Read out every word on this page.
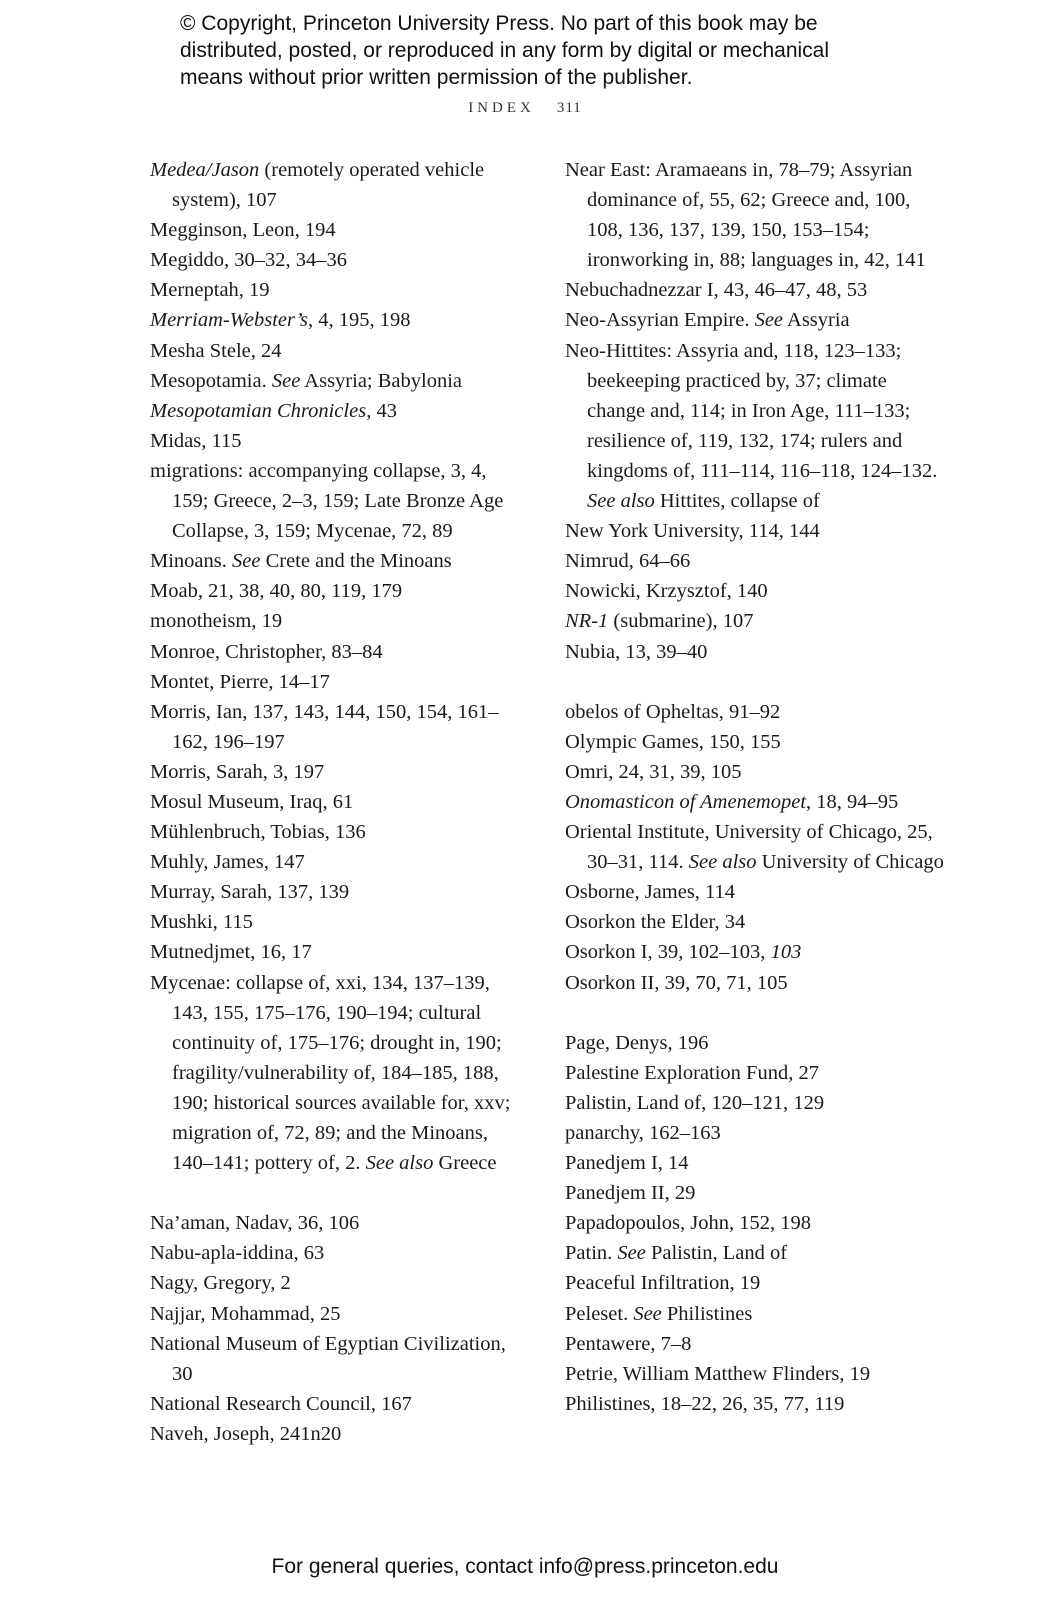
© Copyright, Princeton University Press. No part of this book may be
distributed, posted, or reproduced in any form by digital or mechanical
means without prior written permission of the publisher.
INDEX 311
Medea/Jason (remotely operated vehicle system), 107
Megginson, Leon, 194
Megiddo, 30–32, 34–36
Merneptah, 19
Merriam-Webster’s, 4, 195, 198
Mesha Stele, 24
Mesopotamia. See Assyria; Babylonia
Mesopotamian Chronicles, 43
Midas, 115
migrations: accompanying collapse, 3, 4, 159; Greece, 2–3, 159; Late Bronze Age Collapse, 3, 159; Mycenae, 72, 89
Minoans. See Crete and the Minoans
Moab, 21, 38, 40, 80, 119, 179
monotheism, 19
Monroe, Christopher, 83–84
Montet, Pierre, 14–17
Morris, Ian, 137, 143, 144, 150, 154, 161–162, 196–197
Morris, Sarah, 3, 197
Mosul Museum, Iraq, 61
Mühlenbruch, Tobias, 136
Muhly, James, 147
Murray, Sarah, 137, 139
Mushki, 115
Mutnedjmet, 16, 17
Mycenae: collapse of, xxi, 134, 137–139, 143, 155, 175–176, 190–194; cultural continuity of, 175–176; drought in, 190; fragility/vulnerability of, 184–185, 188, 190; historical sources available for, xxv; migration of, 72, 89; and the Minoans, 140–141; pottery of, 2. See also Greece
Na’aman, Nadav, 36, 106
Nabu-apla-iddina, 63
Nagy, Gregory, 2
Najjar, Mohammad, 25
National Museum of Egyptian Civilization, 30
National Research Council, 167
Naveh, Joseph, 241n20
Near East: Aramaeans in, 78–79; Assyrian dominance of, 55, 62; Greece and, 100, 108, 136, 137, 139, 150, 153–154; ironworking in, 88; languages in, 42, 141
Nebuchadnezzar I, 43, 46–47, 48, 53
Neo-Assyrian Empire. See Assyria
Neo-Hittites: Assyria and, 118, 123–133; beekeeping practiced by, 37; climate change and, 114; in Iron Age, 111–133; resilience of, 119, 132, 174; rulers and kingdoms of, 111–114, 116–118, 124–132. See also Hittites, collapse of
New York University, 114, 144
Nimrud, 64–66
Nowicki, Krzysztof, 140
NR-1 (submarine), 107
Nubia, 13, 39–40
obelos of Opheltas, 91–92
Olympic Games, 150, 155
Omri, 24, 31, 39, 105
Onomasticon of Amenemopet, 18, 94–95
Oriental Institute, University of Chicago, 25, 30–31, 114. See also University of Chicago
Osborne, James, 114
Osorkon the Elder, 34
Osorkon I, 39, 102–103, 103
Osorkon II, 39, 70, 71, 105
Page, Denys, 196
Palestine Exploration Fund, 27
Palistin, Land of, 120–121, 129
panarchy, 162–163
Panedjem I, 14
Panedjem II, 29
Papadopoulos, John, 152, 198
Patin. See Palistin, Land of
Peaceful Infiltration, 19
Peleset. See Philistines
Pentawere, 7–8
Petrie, William Matthew Flinders, 19
Philistines, 18–22, 26, 35, 77, 119
For general queries, contact info@press.princeton.edu
